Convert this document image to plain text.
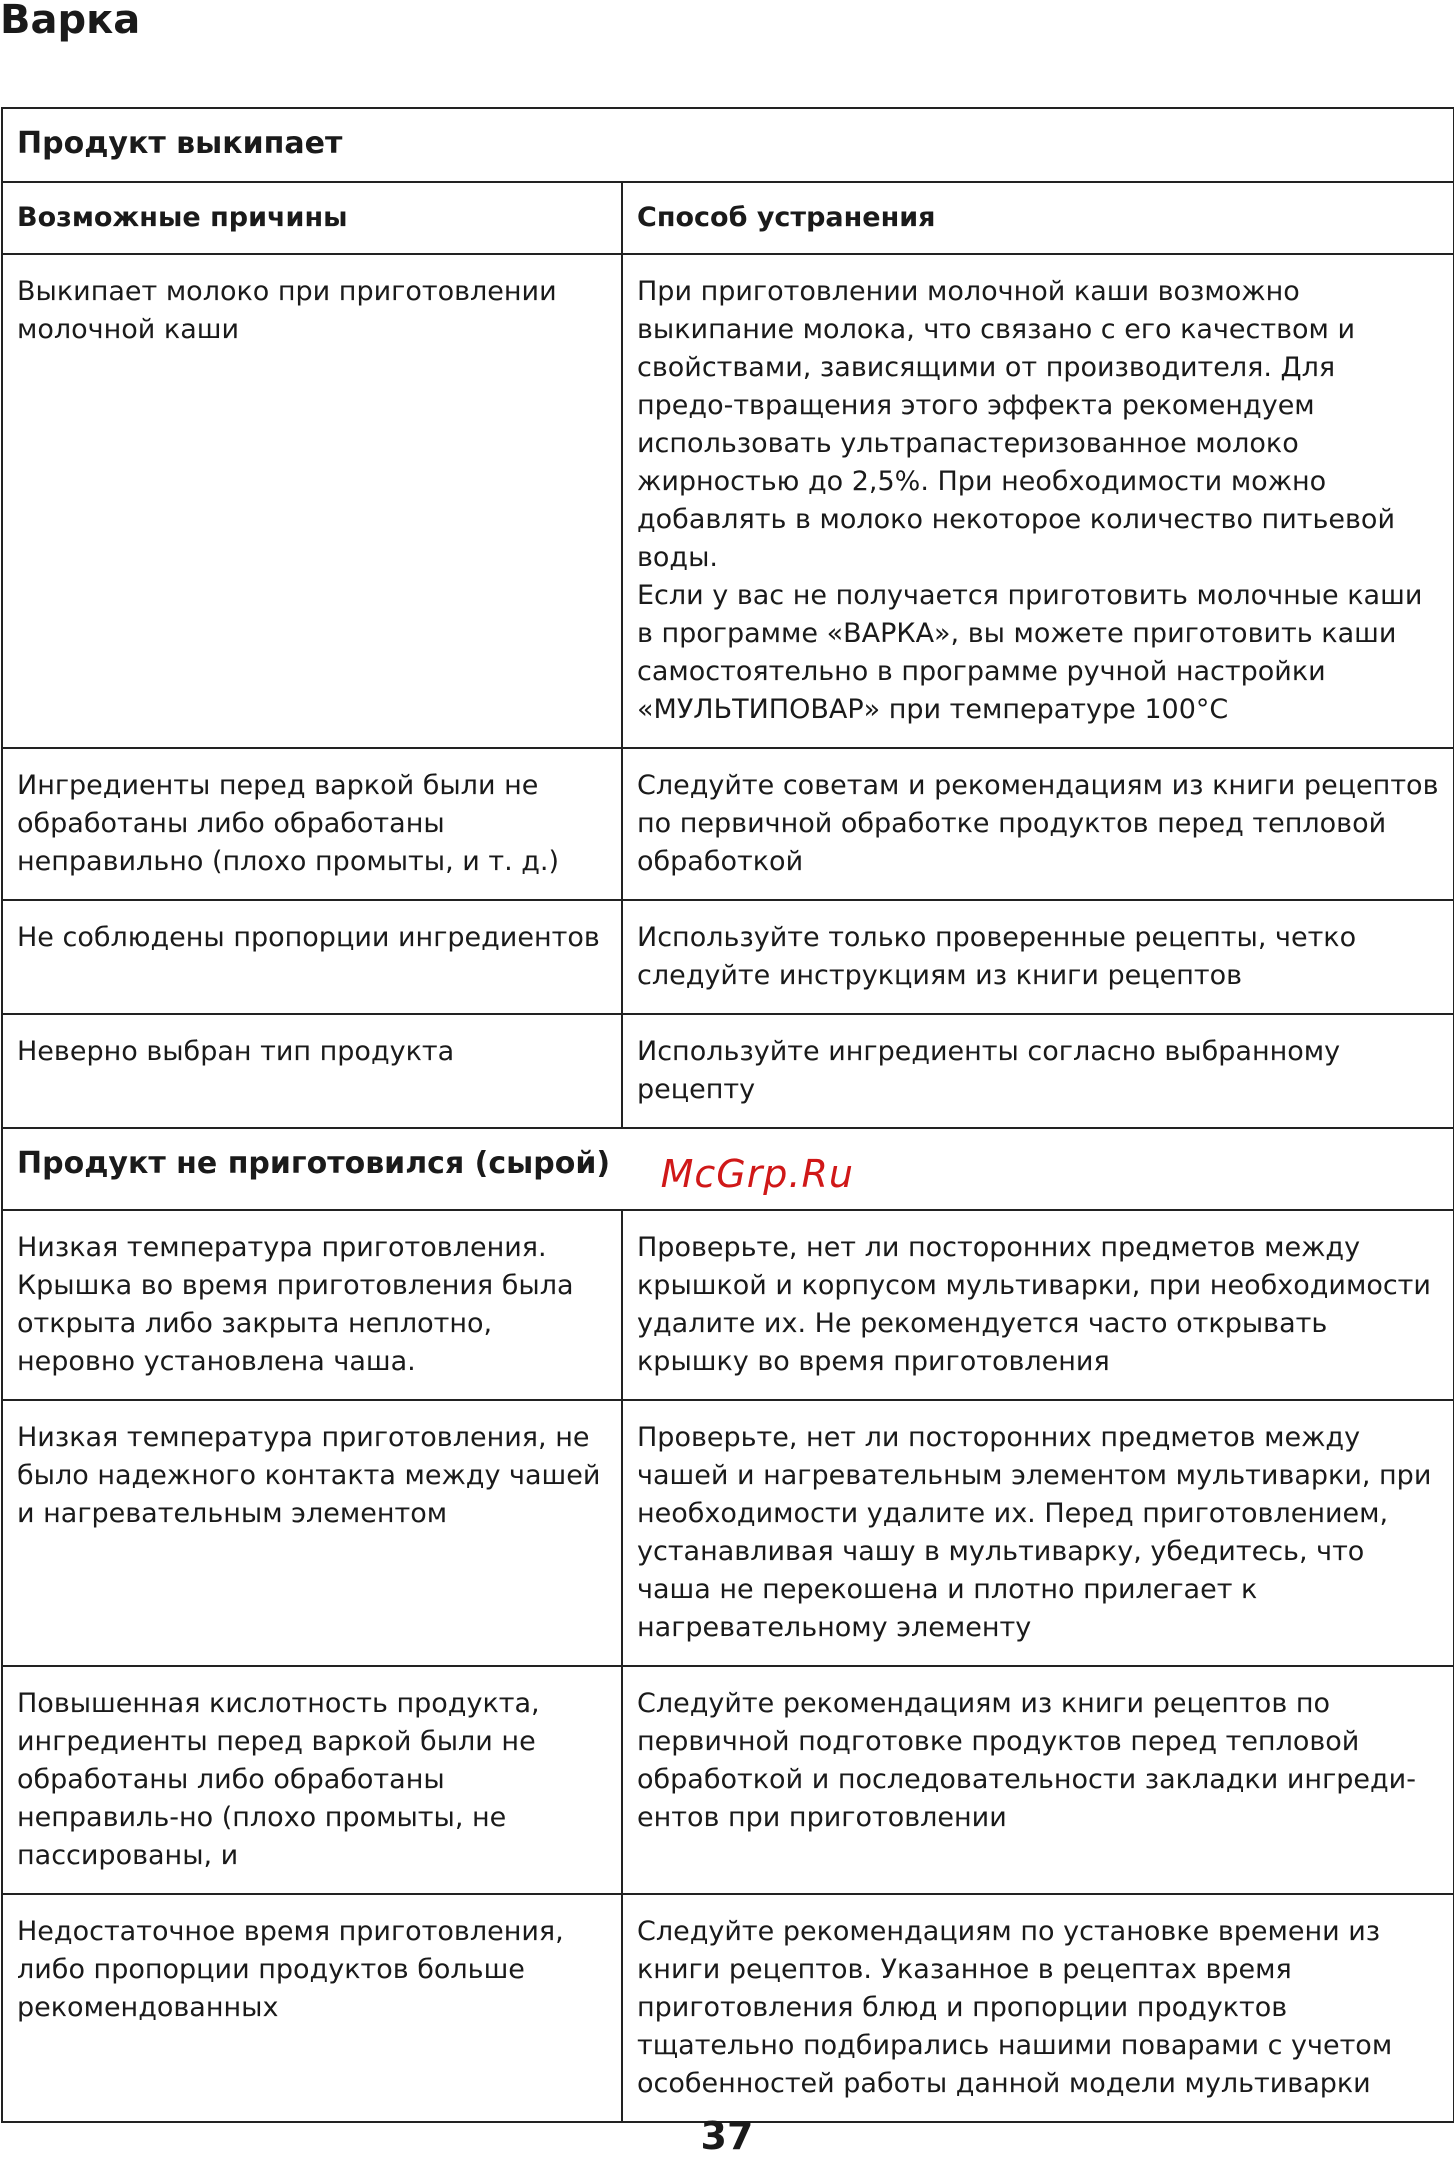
Варка
Продукт выкипает	
Возможные причины	Способ устранения
Выкипает молоко при приготовлении молочной каши	При приготовлении молочной каши возможно выкипание молока, что связано с его качеством и свойствами, зависящими от производителя. Для предо-твращения этого эффекта рекомендуем использовать ультрапастеризованное молоко жирностью до 2,5%. При необходимости можно добавлять в молоко некоторое количество питьевой воды.
Если у вас не получается приготовить молочные каши в программе «ВАРКА», вы можете приготовить каши самостоятельно в программе ручной настройки «МУЛЬТИПОВАР» при температуре 100°С

Ингредиенты перед варкой были не обработаны либо обработаны неправильно (плохо промыты, и т. д.)	Следуйте советам и рекомендациям из книги рецептов по первичной обработке продуктов перед тепловой обработкой
Не соблюдены пропорции ингредиентов	Используйте только проверенные рецепты, четко следуйте инструкциям из книги рецептов
Неверно выбран тип продукта	Используйте ингредиенты согласно выбранному рецепту
Продукт не приготовился (сырой) McGrp.Ru	
Низкая температура приготовления. Крышка во время приготовления была открыта либо закрыта неплотно, неровно установлена чаша.	Проверьте, нет ли посторонних предметов между крышкой и корпусом мультиварки, при необходимости удалите их. Не рекомендуется часто открывать крышку во время приготовления
Низкая температура приготовления, не было надежного контакта между чашей и нагревательным элементом	Проверьте, нет ли посторонних предметов между чашей и нагревательным элементом мультиварки, при необходимости удалите их. Перед приготовлением, устанавливая чашу в мультиварку, убедитесь, что чаша не перекошена и плотно прилегает к нагревательному элементу
Повышенная кислотность продукта, ингредиенты перед варкой были не обработаны либо обработаны неправиль-но (плохо промыты, не пассированы, и	Следуйте рекомендациям из книги рецептов по первичной подготовке продуктов перед тепловой обработкой и последовательности закладки ингреди-ентов при приготовлении
Недостаточное время приготовления, либо пропорции продуктов больше рекомендованных	Следуйте рекомендациям по установке времени из книги рецептов. Указанное в рецептах время приготовления блюд и пропорции продуктов тщательно подбирались нашими поварами с учетом особенностей работы данной модели мультиварки
37
